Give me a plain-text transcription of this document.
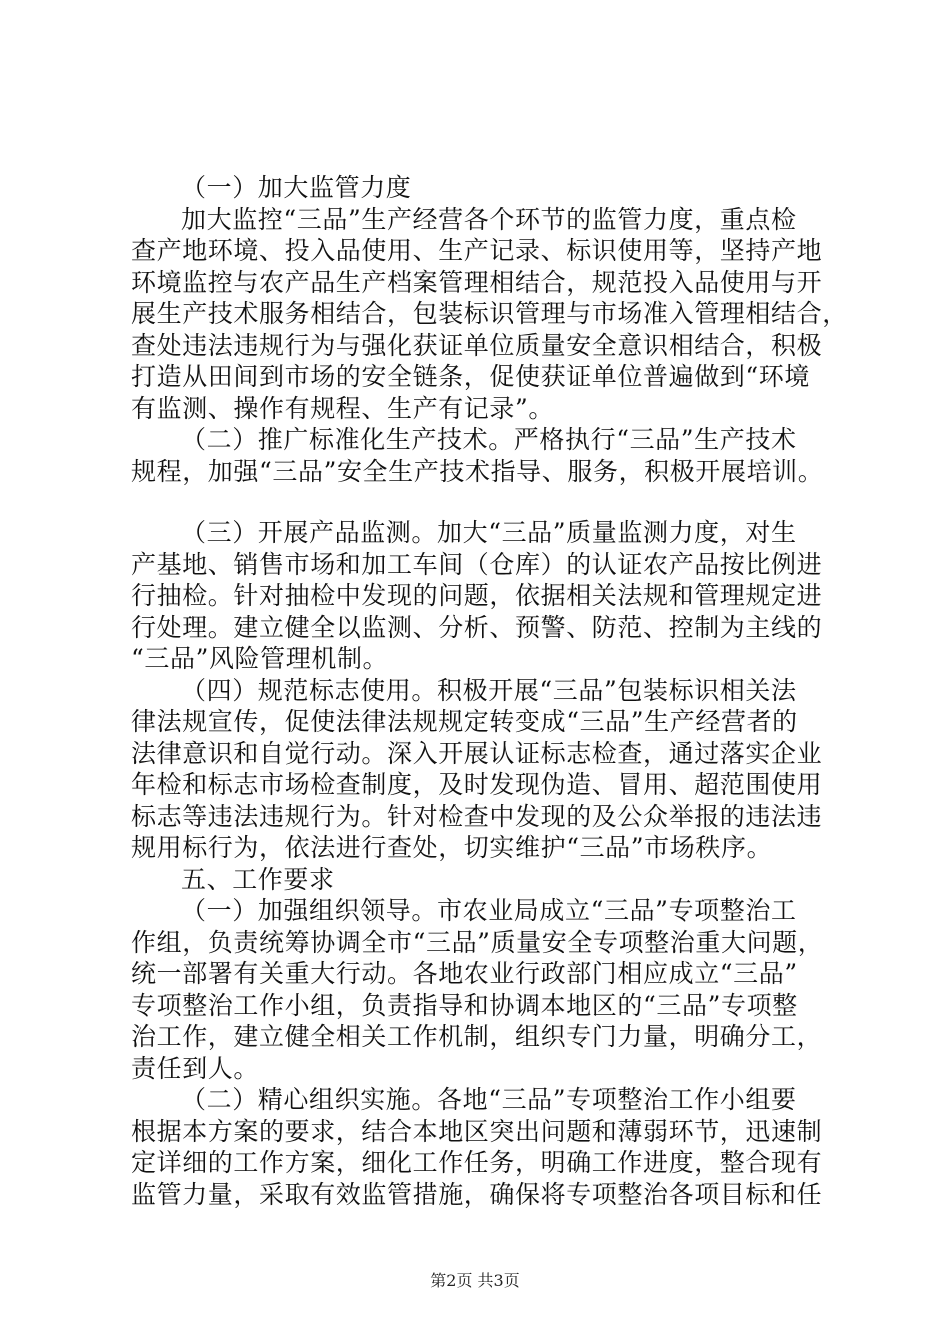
（一）加大监管力度
加大监控“三品”生产经营各个环节的监管力度，重点检
查产地环境、投入品使用、生产记录、标识使用等，坚持产地
环境监控与农产品生产档案管理相结合，规范投入品使用与开
展生产技术服务相结合，包装标识管理与市场准入管理相结合，
查处违法违规行为与强化获证单位质量安全意识相结合，积极
打造从田间到市场的安全链条，促使获证单位普遍做到“环境
有监测、操作有规程、生产有记录”。
（二）推广标准化生产技术。严格执行“三品”生产技术
规程，加强“三品”安全生产技术指导、服务，积极开展培训。
（三）开展产品监测。加大“三品”质量监测力度，对生
产基地、销售市场和加工车间（仓库）的认证农产品按比例进
行抽检。针对抽检中发现的问题，依据相关法规和管理规定进
行处理。建立健全以监测、分析、预警、防范、控制为主线的
“三品”风险管理机制。
（四）规范标志使用。积极开展“三品”包装标识相关法
律法规宣传，促使法律法规规定转变成“三品”生产经营者的
法律意识和自觉行动。深入开展认证标志检查，通过落实企业
年检和标志市场检查制度，及时发现伪造、冒用、超范围使用
标志等违法违规行为。针对检查中发现的及公众举报的违法违
规用标行为，依法进行查处，切实维护“三品”市场秩序。
五、工作要求
（一）加强组织领导。市农业局成立“三品”专项整治工
作组，负责统筹协调全市“三品”质量安全专项整治重大问题，
统一部署有关重大行动。各地农业行政部门相应成立“三品”
专项整治工作小组，负责指导和协调本地区的“三品”专项整
治工作，建立健全相关工作机制，组织专门力量，明确分工，
责任到人。
（二）精心组织实施。各地“三品”专项整治工作小组要
根据本方案的要求，结合本地区突出问题和薄弱环节，迅速制
定详细的工作方案，细化工作任务，明确工作进度，整合现有
监管力量，采取有效监管措施，确保将专项整治各项目标和任
第2页 共3页
